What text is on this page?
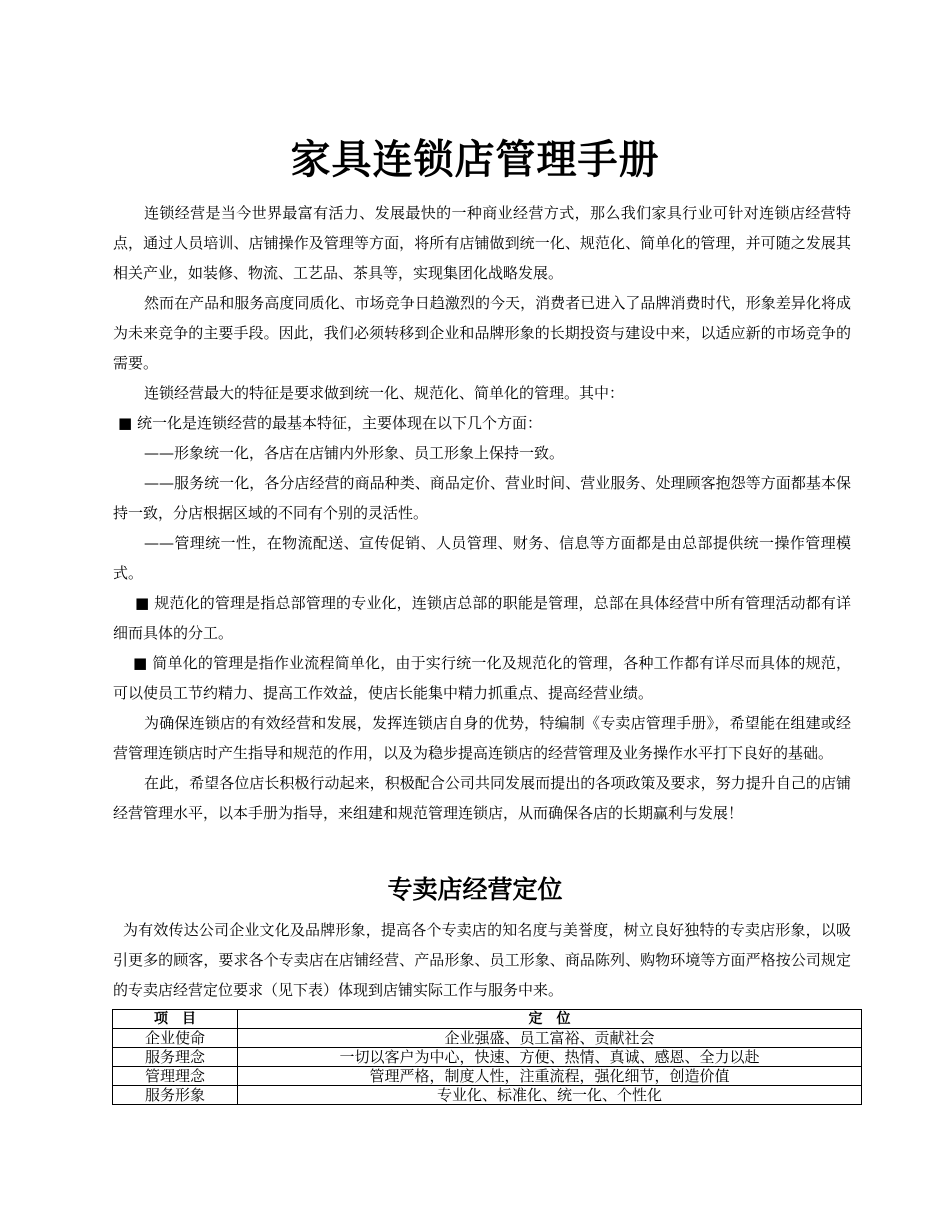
家具连锁店管理手册

连锁经营是当今世界最富有活力、发展最快的一种商业经营方式，那么我们家具行业可针对连锁店经营特点，通过人员培训、店铺操作及管理等方面，将所有店铺做到统一化、规范化、简单化的管理，并可随之发展其相关产业，如装修、物流、工艺品、茶具等，实现集团化战略发展。

然而在产品和服务高度同质化、市场竞争日趋激烈的今天，消费者已进入了品牌消费时代，形象差异化将成为未来竞争的主要手段。因此，我们必须转移到企业和品牌形象的长期投资与建设中来，以适应新的市场竞争的需要。

连锁经营最大的特征是要求做到统一化、规范化、简单化的管理。其中：

■ 统一化是连锁经营的最基本特征，主要体现在以下几个方面：

——形象统一化，各店在店铺内外形象、员工形象上保持一致。

——服务统一化，各分店经营的商品种类、商品定价、营业时间、营业服务、处理顾客抱怨等方面都基本保持一致，分店根据区域的不同有个别的灵活性。

——管理统一性，在物流配送、宣传促销、人员管理、财务、信息等方面都是由总部提供统一操作管理模式。

■ 规范化的管理是指总部管理的专业化，连锁店总部的职能是管理，总部在具体经营中所有管理活动都有详细而具体的分工。

■ 简单化的管理是指作业流程简单化，由于实行统一化及规范化的管理，各种工作都有详尽而具体的规范，可以使员工节约精力、提高工作效益，使店长能集中精力抓重点、提高经营业绩。

为确保连锁店的有效经营和发展，发挥连锁店自身的优势，特编制《专卖店管理手册》，希望能在组建或经营管理连锁店时产生指导和规范的作用，以及为稳步提高连锁店的经营管理及业务操作水平打下良好的基础。

在此，希望各位店长积极行动起来，积极配合公司共同发展而提出的各项政策及要求，努力提升自己的店铺经营管理水平，以本手册为指导，来组建和规范管理连锁店，从而确保各店的长期赢利与发展！

专卖店经营定位

为有效传达公司企业文化及品牌形象，提高各个专卖店的知名度与美誉度，树立良好独特的专卖店形象，以吸引更多的顾客，要求各个专卖店在店铺经营、产品形象、员工形象、商品陈列、购物环境等方面严格按公司规定的专卖店经营定位要求（见下表）体现到店铺实际工作与服务中来。

项　目	定　位
企业使命	企业强盛、员工富裕、贡献社会
服务理念	一切以客户为中心，快速、方便、热情、真诚、感恩、全力以赴
管理理念	管理严格，制度人性，注重流程，强化细节，创造价值
服务形象	专业化、标准化、统一化、个性化
